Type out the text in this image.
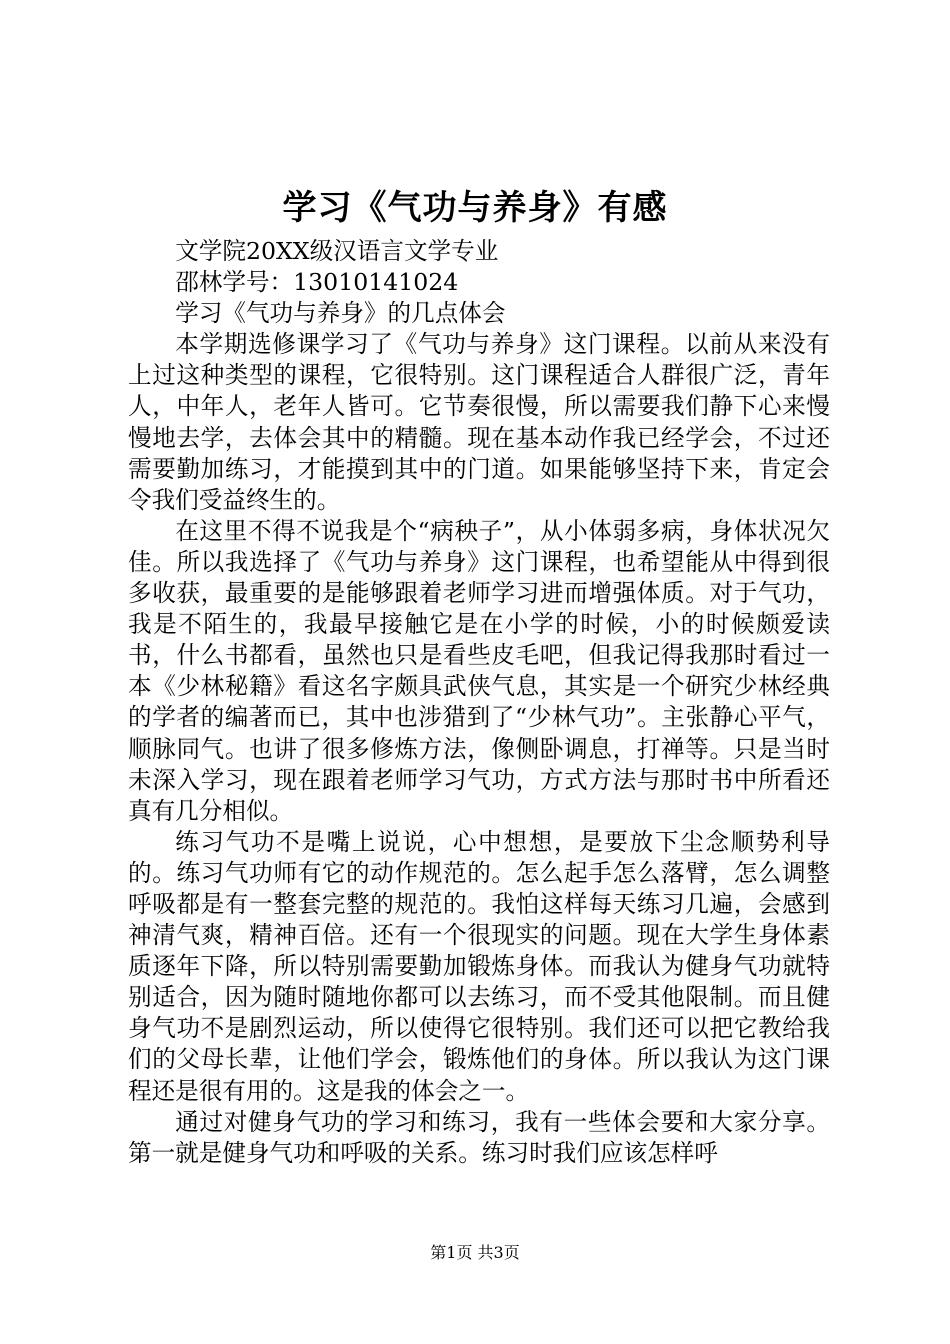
学习《气功与养身》有感

文学院20XX级汉语言文学专业

邵林学号：13010141024

学习《气功与养身》的几点体会

本学期选修课学习了《气功与养身》这门课程。以前从来没有上过这种类型的课程，它很特别。这门课程适合人群很广泛，青年人，中年人，老年人皆可。它节奏很慢，所以需要我们静下心来慢慢地去学，去体会其中的精髓。现在基本动作我已经学会，不过还需要勤加练习，才能摸到其中的门道。如果能够坚持下来，肯定会令我们受益终生的。

在这里不得不说我是个“病秧子”，从小体弱多病，身体状况欠佳。所以我选择了《气功与养身》这门课程，也希望能从中得到很多收获，最重要的是能够跟着老师学习进而增强体质。对于气功，我是不陌生的，我最早接触它是在小学的时候，小的时候颇爱读书，什么书都看，虽然也只是看些皮毛吧，但我记得我那时看过一本《少林秘籍》看这名字颇具武侠气息，其实是一个研究少林经典的学者的编著而已，其中也涉猎到了“少林气功”。主张静心平气，顺脉同气。也讲了很多修炼方法，像侧卧调息，打禅等。只是当时未深入学习，现在跟着老师学习气功，方式方法与那时书中所看还真有几分相似。

练习气功不是嘴上说说，心中想想，是要放下尘念顺势利导的。练习气功师有它的动作规范的。怎么起手怎么落臂，怎么调整呼吸都是有一整套完整的规范的。我怕这样每天练习几遍，会感到神清气爽，精神百倍。还有一个很现实的问题。现在大学生身体素质逐年下降，所以特别需要勤加锻炼身体。而我认为健身气功就特别适合，因为随时随地你都可以去练习，而不受其他限制。而且健身气功不是剧烈运动，所以使得它很特别。我们还可以把它教给我们的父母长辈，让他们学会，锻炼他们的身体。所以我认为这门课程还是很有用的。这是我的体会之一。

通过对健身气功的学习和练习，我有一些体会要和大家分享。第一就是健身气功和呼吸的关系。练习时我们应该怎样呼

第1页 共3页
